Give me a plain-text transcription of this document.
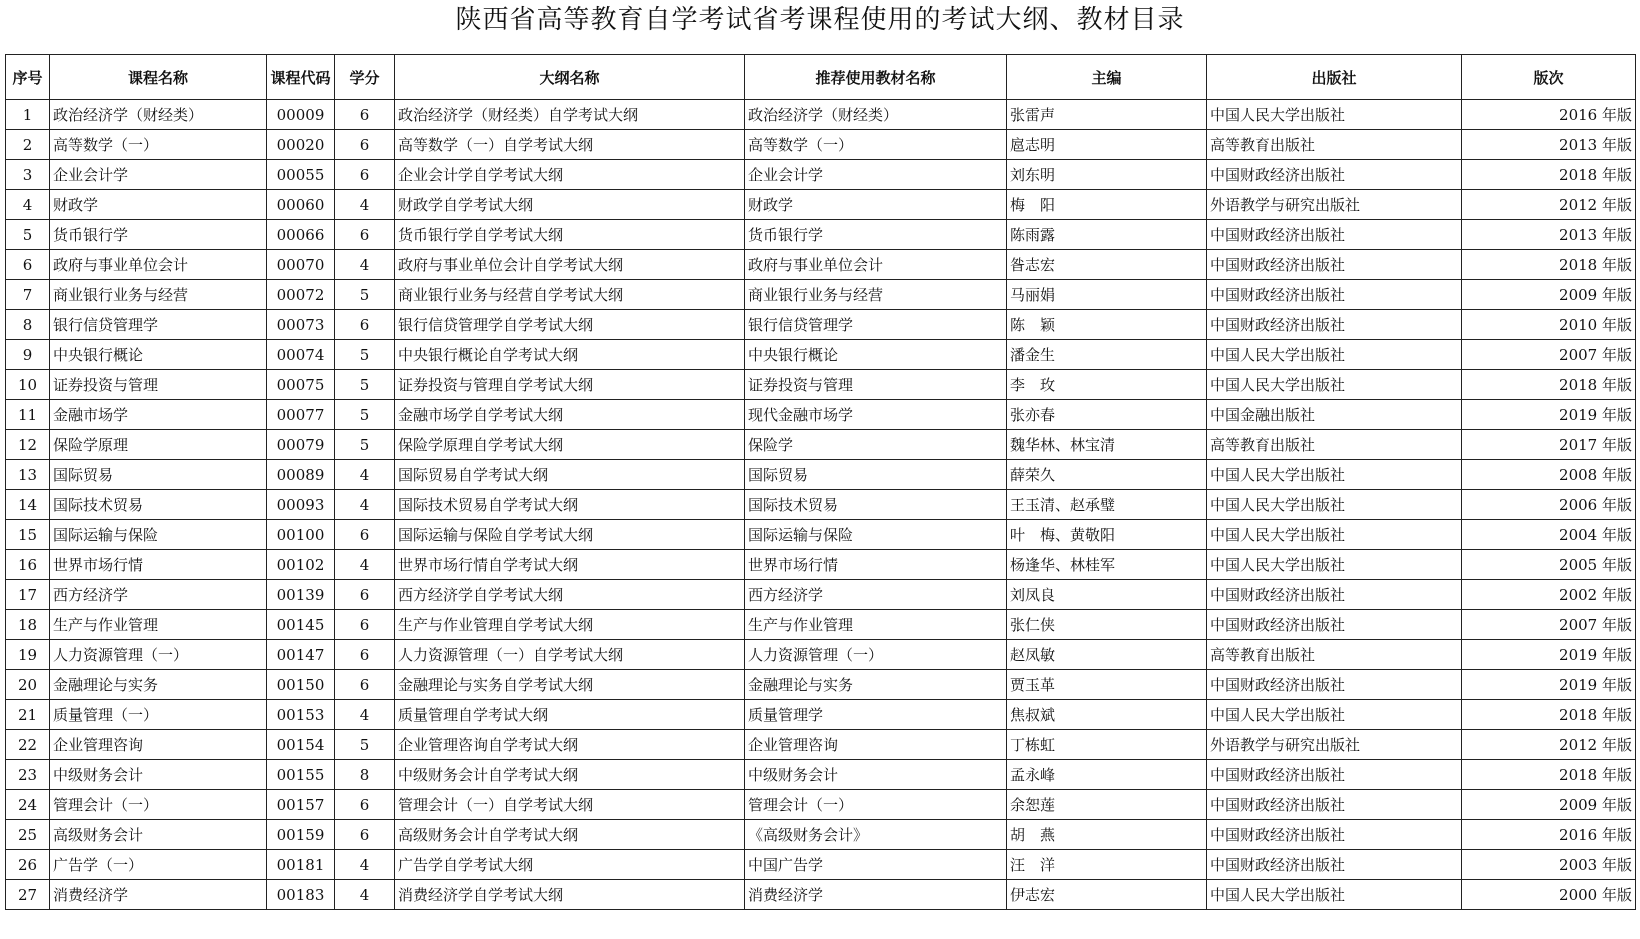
陕西省高等教育自学考试省考课程使用的考试大纲、教材目录
序号	课程名称	课程代码	学分	大纲名称	推荐使用教材名称	主编	出版社	版次
1	政治经济学（财经类）	00009	6	政治经济学（财经类）自学考试大纲	政治经济学（财经类）	张雷声	中国人民大学出版社	2016 年版
2	高等数学（一）	00020	6	高等数学（一）自学考试大纲	高等数学（一）	扈志明	高等教育出版社	2013 年版
3	企业会计学	00055	6	企业会计学自学考试大纲	企业会计学	刘东明	中国财政经济出版社	2018 年版
4	财政学	00060	4	财政学自学考试大纲	财政学	梅　阳	外语教学与研究出版社	2012 年版
5	货币银行学	00066	6	货币银行学自学考试大纲	货币银行学	陈雨露	中国财政经济出版社	2013 年版
6	政府与事业单位会计	00070	4	政府与事业单位会计自学考试大纲	政府与事业单位会计	昝志宏	中国财政经济出版社	2018 年版
7	商业银行业务与经营	00072	5	商业银行业务与经营自学考试大纲	商业银行业务与经营	马丽娟	中国财政经济出版社	2009 年版
8	银行信贷管理学	00073	6	银行信贷管理学自学考试大纲	银行信贷管理学	陈　颖	中国财政经济出版社	2010 年版
9	中央银行概论	00074	5	中央银行概论自学考试大纲	中央银行概论	潘金生	中国人民大学出版社	2007 年版
10	证券投资与管理	00075	5	证券投资与管理自学考试大纲	证券投资与管理	李　玫	中国人民大学出版社	2018 年版
11	金融市场学	00077	5	金融市场学自学考试大纲	现代金融市场学	张亦春	中国金融出版社	2019 年版
12	保险学原理	00079	5	保险学原理自学考试大纲	保险学	魏华林、林宝清	高等教育出版社	2017 年版
13	国际贸易	00089	4	国际贸易自学考试大纲	国际贸易	薛荣久	中国人民大学出版社	2008 年版
14	国际技术贸易	00093	4	国际技术贸易自学考试大纲	国际技术贸易	王玉清、赵承璧	中国人民大学出版社	2006 年版
15	国际运输与保险	00100	6	国际运输与保险自学考试大纲	国际运输与保险	叶　梅、黄敬阳	中国人民大学出版社	2004 年版
16	世界市场行情	00102	4	世界市场行情自学考试大纲	世界市场行情	杨逢华、林桂军	中国人民大学出版社	2005 年版
17	西方经济学	00139	6	西方经济学自学考试大纲	西方经济学	刘凤良	中国财政经济出版社	2002 年版
18	生产与作业管理	00145	6	生产与作业管理自学考试大纲	生产与作业管理	张仁侠	中国财政经济出版社	2007 年版
19	人力资源管理（一）	00147	6	人力资源管理（一）自学考试大纲	人力资源管理（一）	赵凤敏	高等教育出版社	2019 年版
20	金融理论与实务	00150	6	金融理论与实务自学考试大纲	金融理论与实务	贾玉革	中国财政经济出版社	2019 年版
21	质量管理（一）	00153	4	质量管理自学考试大纲	质量管理学	焦叔斌	中国人民大学出版社	2018 年版
22	企业管理咨询	00154	5	企业管理咨询自学考试大纲	企业管理咨询	丁栋虹	外语教学与研究出版社	2012 年版
23	中级财务会计	00155	8	中级财务会计自学考试大纲	中级财务会计	孟永峰	中国财政经济出版社	2018 年版
24	管理会计（一）	00157	6	管理会计（一）自学考试大纲	管理会计（一）	余恕莲	中国财政经济出版社	2009 年版
25	高级财务会计	00159	6	高级财务会计自学考试大纲	《高级财务会计》	胡　燕	中国财政经济出版社	2016 年版
26	广告学（一）	00181	4	广告学自学考试大纲	中国广告学	汪　洋	中国财政经济出版社	2003 年版
27	消费经济学	00183	4	消费经济学自学考试大纲	消费经济学	伊志宏	中国人民大学出版社	2000 年版
